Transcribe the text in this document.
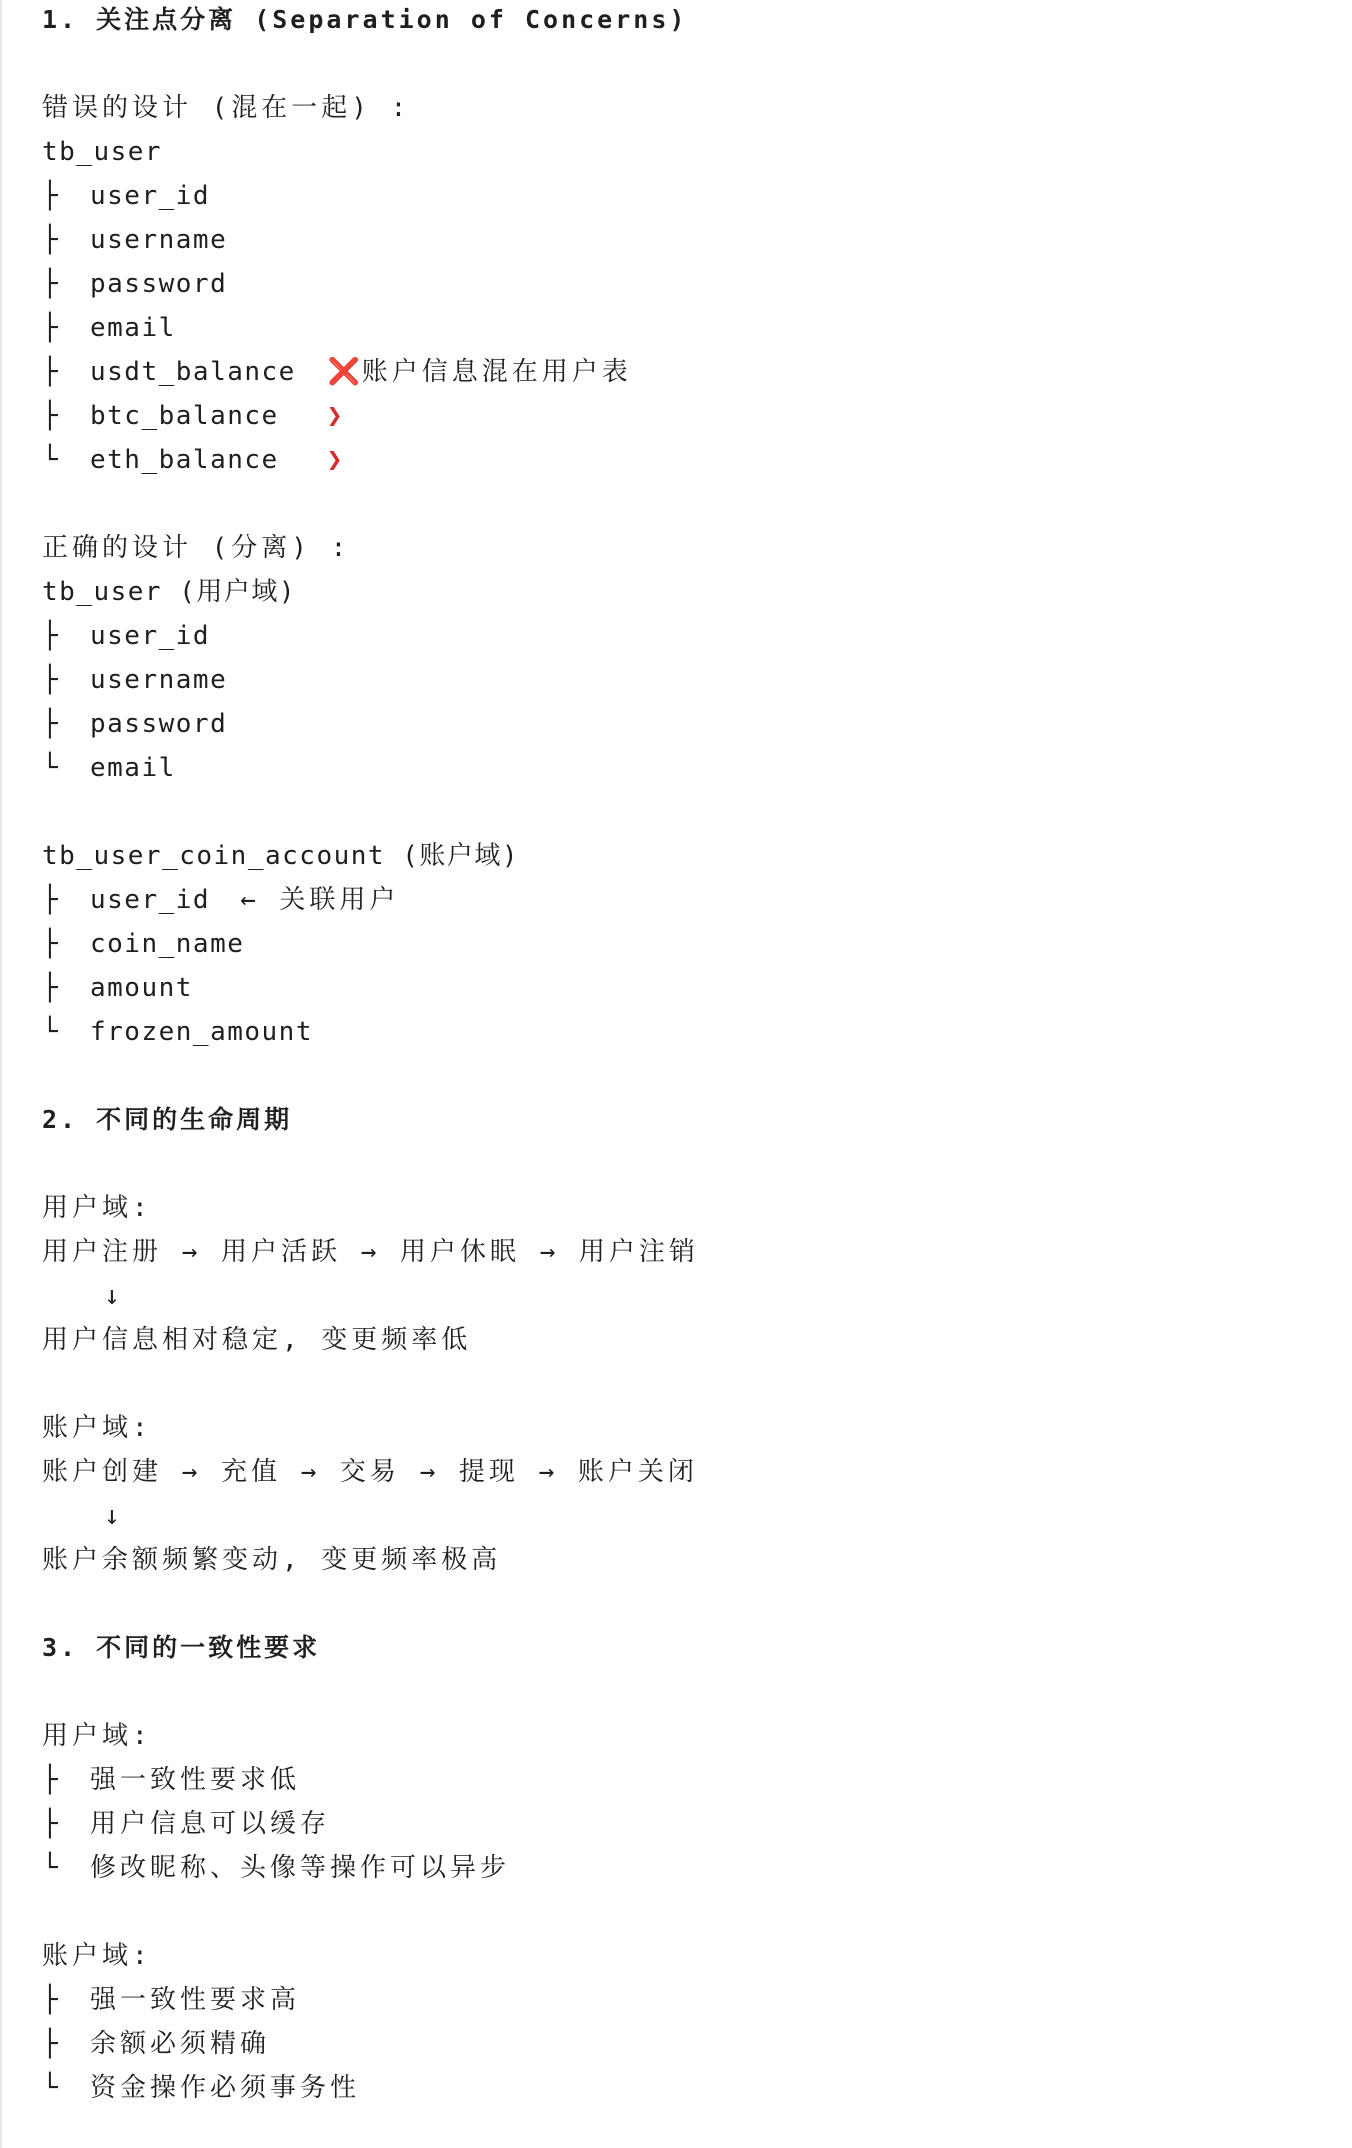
1. 关注点分离 (Separation of Concerns)
错误的设计 (混在一起) :
tb_user
├ user_id
├ username
├ password
├ email
├ usdt_balance ❌账户信息混在用户表
├ btc_balance ❯
└ eth_balance ❯
正确的设计 (分离) :
tb_user (用户域)
├ user_id
├ username
├ password
└ email
tb_user_coin_account (账户域)
├ user_id ← 关联用户
├ coin_name
├ amount
└ frozen_amount
2. 不同的生命周期
用户域:
用户注册 → 用户活跃 → 用户休眠 → 用户注销
↓
用户信息相对稳定, 变更频率低
账户域:
账户创建 → 充值 → 交易 → 提现 → 账户关闭
↓
账户余额频繁变动, 变更频率极高
3. 不同的一致性要求
用户域:
├ 强一致性要求低
├ 用户信息可以缓存
└ 修改昵称、头像等操作可以异步
账户域:
├ 强一致性要求高
├ 余额必须精确
└ 资金操作必须事务性
